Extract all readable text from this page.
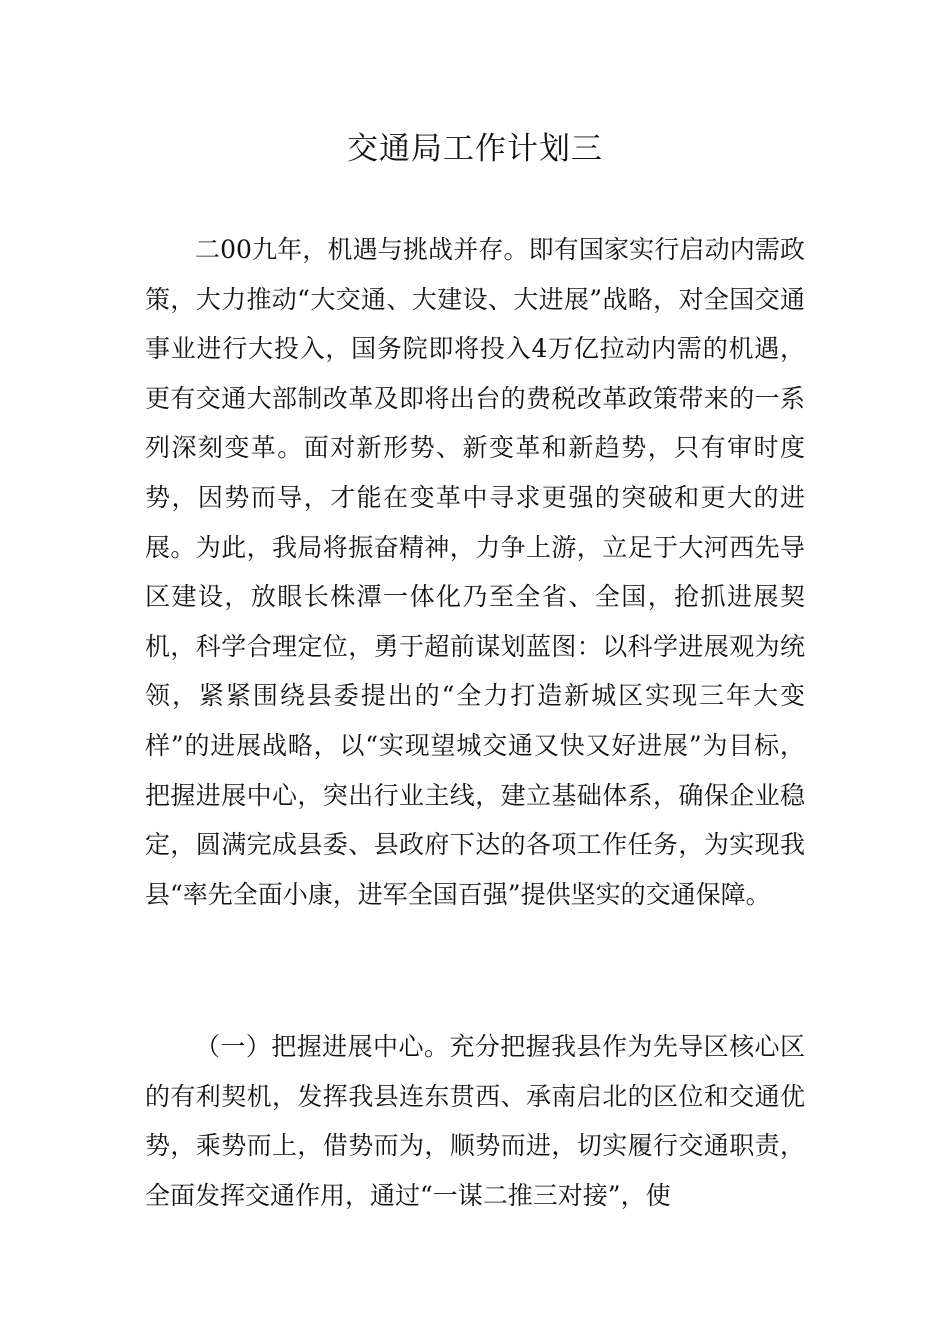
交通局工作计划三

二00九年，机遇与挑战并存。即有国家实行启动内需政策，大力推动“大交通、大建设、大进展”战略，对全国交通事业进行大投入，国务院即将投入4万亿拉动内需的机遇，更有交通大部制改革及即将出台的费税改革政策带来的一系列深刻变革。面对新形势、新变革和新趋势，只有审时度势，因势而导，才能在变革中寻求更强的突破和更大的进展。为此，我局将振奋精神，力争上游，立足于大河西先导区建设，放眼长株潭一体化乃至全省、全国，抢抓进展契机，科学合理定位，勇于超前谋划蓝图：以科学进展观为统领，紧紧围绕县委提出的“全力打造新城区实现三年大变样”的进展战略，以“实现望城交通又快又好进展”为目标，把握进展中心，突出行业主线，建立基础体系，确保企业稳定，圆满完成县委、县政府下达的各项工作任务，为实现我县“率先全面小康，进军全国百强”提供坚实的交通保障。

（一）把握进展中心。充分把握我县作为先导区核心区的有利契机，发挥我县连东贯西、承南启北的区位和交通优势，乘势而上，借势而为，顺势而进，切实履行交通职责，全面发挥交通作用，通过“一谋二推三对接”，使
